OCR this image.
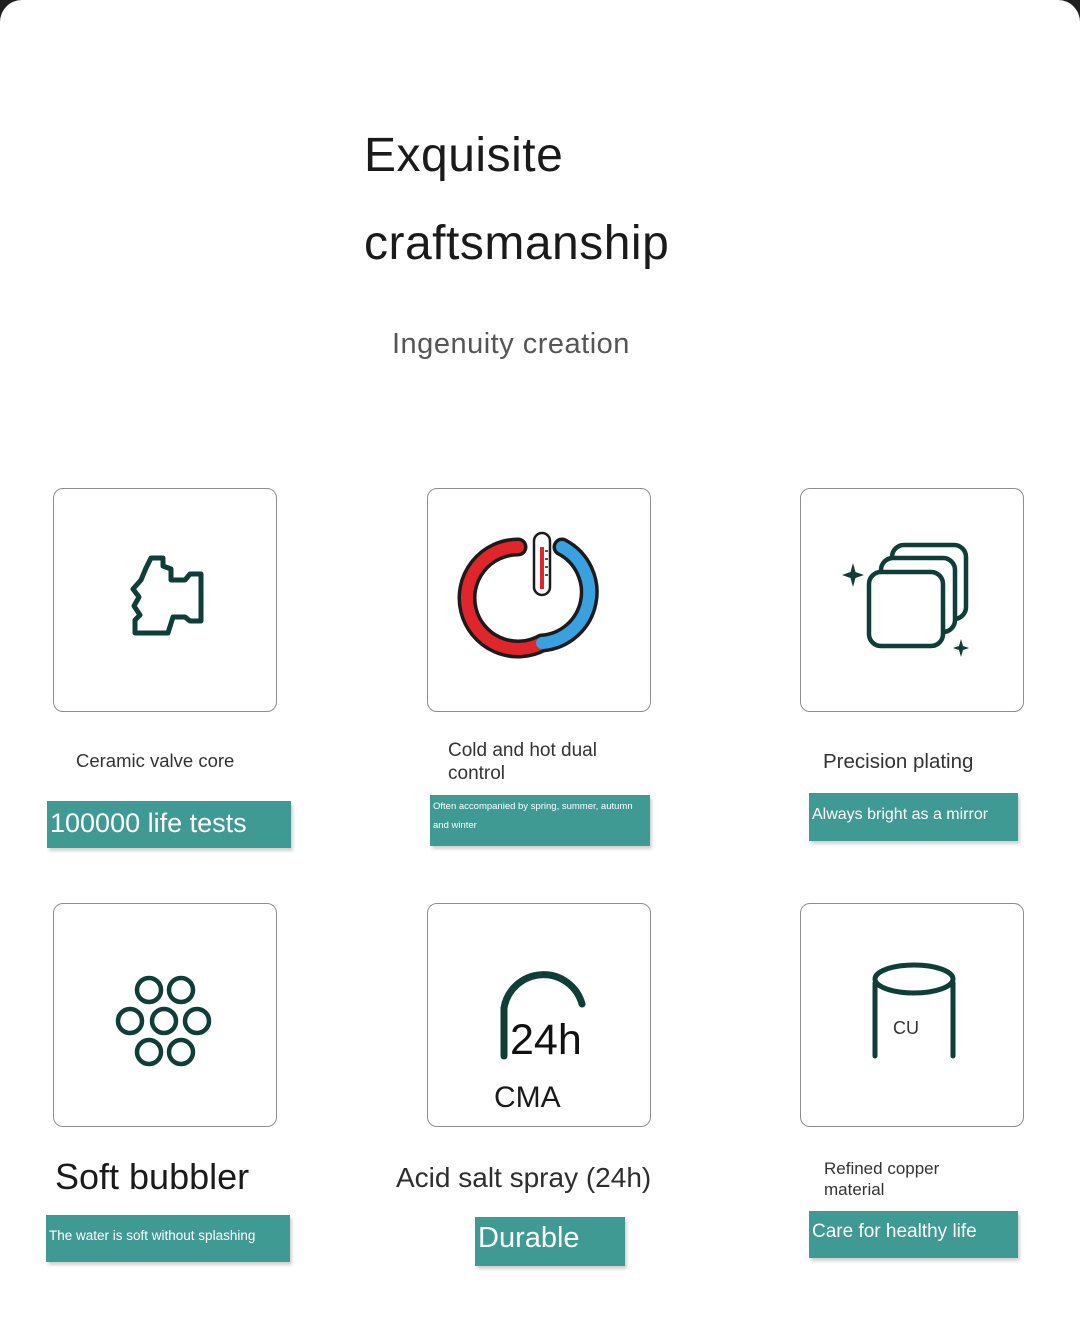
Exquisite
craftsmanship
Ingenuity creation
Ceramic valve core
100000 life tests
Cold and hot dual control
Often accompanied by spring, summer, autumn and winter
Precision plating
Always bright as a mirror
Soft bubbler
The water is soft without splashing
24h
CMA
Acid salt spray (24h)
Durable
CU
Refined copper material
Care for healthy life
